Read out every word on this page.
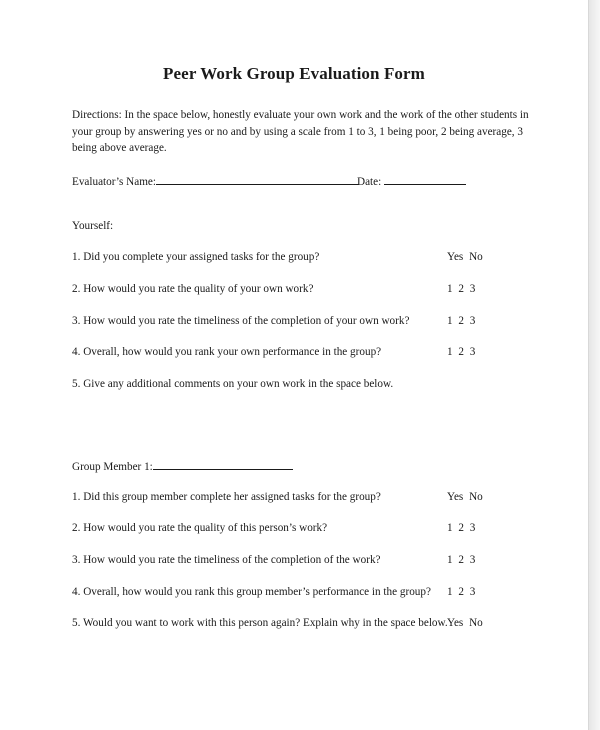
Peer Work Group Evaluation Form
Directions: In the space below, honestly evaluate your own work and the work of the other students in your group by answering yes or no and by using a scale from 1 to 3, 1 being poor, 2 being average, 3 being above average.
Evaluator’s Name:	Date:
Yourself:
1. Did you complete your assigned tasks for the group?	Yes No
2. How would you rate the quality of your own work?	1 2 3
3. How would you rate the timeliness of the completion of your own work?	1 2 3
4. Overall, how would you rank your own performance in the group?	1 2 3
5. Give any additional comments on your own work in the space below.
Group Member 1:
1. Did this group member complete her assigned tasks for the group?	Yes No
2. How would you rate the quality of this person’s work?	1 2 3
3. How would you rate the timeliness of the completion of the work?	1 2 3
4. Overall, how would you rank this group member’s performance in the group? 1 2 3
5. Would you want to work with this person again? Explain why in the space below. Yes No
